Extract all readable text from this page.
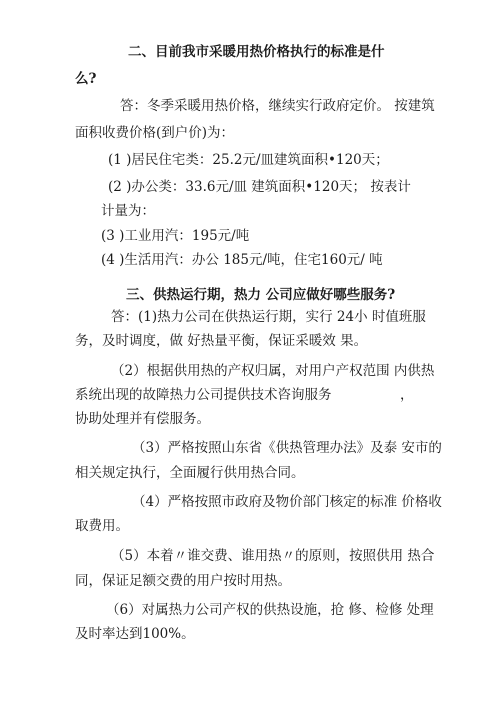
二、目前我市采暖用热价格执行的标准是什
么?
答：冬季采暖用热价格，继续实行政府定价。 按建筑
面积收费价格(到户价)为：
(1 )居民住宅类：25.2元/皿建筑面积•120天；
(2 )办公类：33.6元/皿 建筑面积•120天； 按表计
计量为：
(3 )工业用汽：195元/吨
(4 )生活用汽：办公 185元/吨，住宅160元/ 吨
三、供热运行期，热力 公司应做好哪些服务?
答：(1)热力公司在供热运行期，实行 24小 时值班服
务，及时调度，做 好热量平衡，保证采暖效 果。
（2）根据供用热的产权归属，对用户产权范围 内供热
系统出现的故障热力公司提供技术咨询服务	，
协助处理并有偿服务。
（3）严格按照山东省《供热管理办法》及泰 安市的
相关规定执行，全面履行供用热合同。
（4）严格按照市政府及物价部门核定的标准 价格收
取费用。
（5）本着〃谁交费、谁用热〃的原则，按照供用 热合
同，保证足额交费的用户按时用热。
（6）对属热力公司产权的供热设施，抢 修、检修 处理
及时率达到100%。
